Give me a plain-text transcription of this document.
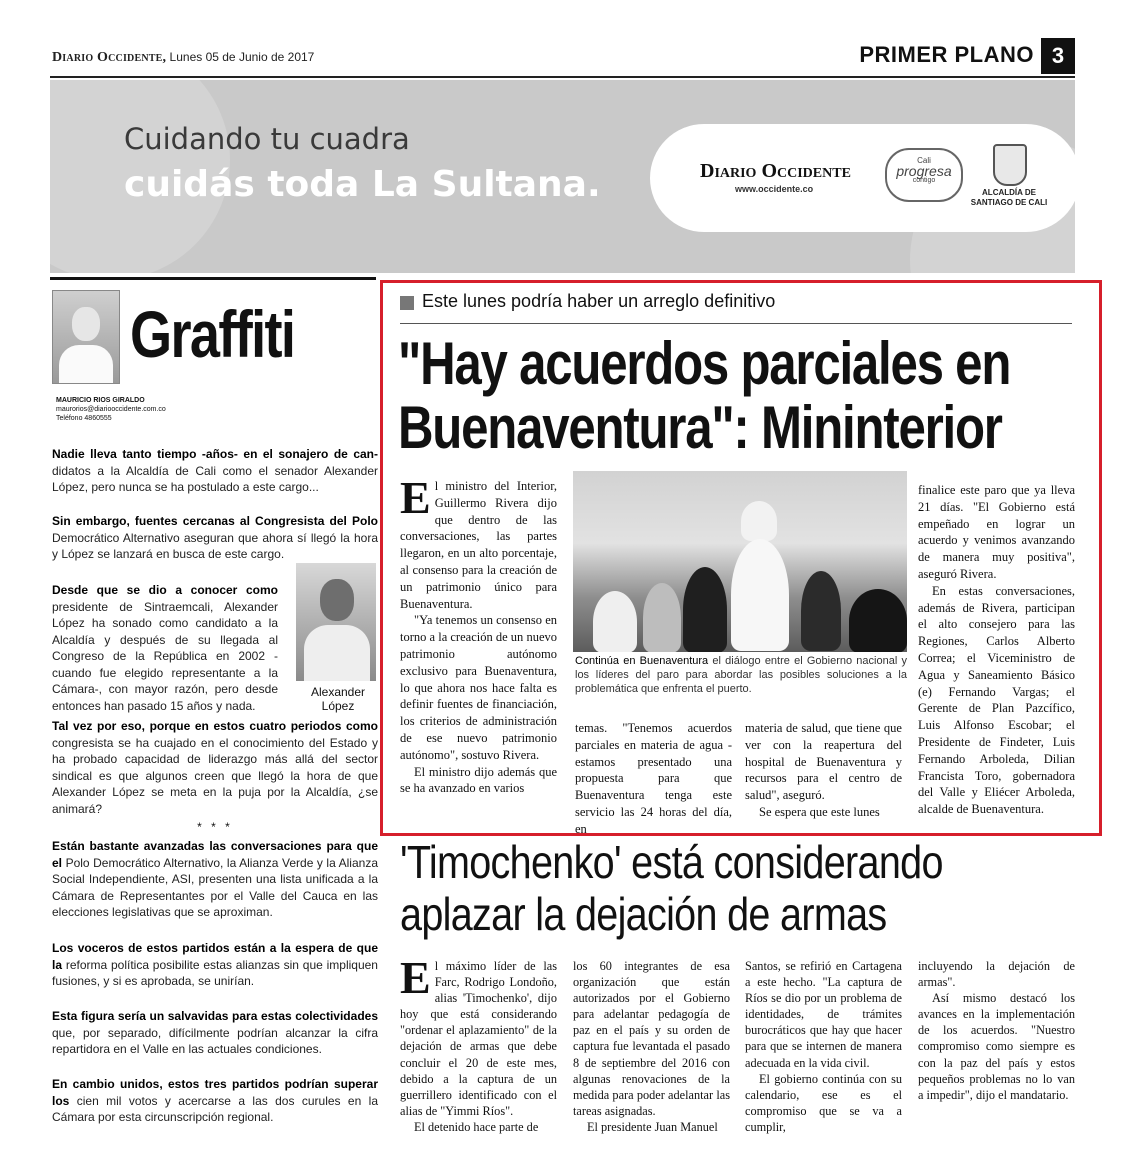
Diario Occidente, Lunes 05 de Junio de 2017	PRIMER PLANO 3
Cuidando tu cuadra
cuidás toda La Sultana.	Diario Occidente
www.occidente.co
Cali
progresa
contigo
ALCALDÍA DE SANTIAGO DE CALI
Graffiti
MAURICIO RIOS GIRALDO
maurorios@diariooccidente.com.co
Teléfono 4860555
Nadie lleva tanto tiempo -años- en el sonajero de can- didatos a la Alcaldía de Cali como el senador Alexander López, pero nunca se ha postulado a este cargo...
Sin embargo, fuentes cercanas al Congresista del Polo Democrático Alternativo aseguran que ahora sí llegó la hora y López se lanzará en busca de este cargo.
Desde que se dio a conocer como presidente de Sintraemcali, Alexander López ha sonado como candidato a la Alcaldía y después de su llegada al Congreso de la República en 2002 -cuando fue elegido representante a la Cámara-, con mayor razón, pero desde entonces han pasado 15 años y nada.
Alexander López
Tal vez por eso, porque en estos cuatro periodos como congresista se ha cuajado en el conocimiento del Estado y ha probado capacidad de liderazgo más allá del sector sindical es que algunos creen que llegó la hora de que Alexander López se meta en la puja por la Alcaldía, ¿se animará?
* * *
Están bastante avanzadas las conversaciones para que el Polo Democrático Alternativo, la Alianza Verde y la Alianza Social Independiente, ASI, presenten una lista unificada a la Cámara de Representantes por el Valle del Cauca en las elecciones legislativas que se aproximan.
Los voceros de estos partidos están a la espera de que la reforma política posibilite estas alianzas sin que impliquen fusiones, y si es aprobada, se unirían.
Esta figura sería un salvavidas para estas colectividades que, por separado, difícilmente podrían alcanzar la cifra repartidora en el Valle en las actuales condiciones.
En cambio unidos, estos tres partidos podrían superar los cien mil votos y acercarse a las dos curules en la Cámara por esta circunscripción regional.
Este lunes podría haber un arreglo definitivo
"Hay acuerdos parciales en
Buenaventura": Mininterior

El ministro del Interior, Guillermo Rivera dijo que dentro de las conversaciones, las partes llegaron, en un alto porcentaje, al consenso para la creación de un patrimonio único para Buenaventura.

"Ya tenemos un consenso en torno a la creación de un nuevo patrimonio autónomo exclusivo para Buenaventura, lo que ahora nos hace falta es definir fuentes de financiación, los criterios de administración de ese nuevo patrimonio autónomo", sostuvo Rivera.

El ministro dijo además que se ha avanzado en varios

Continúa en Buenaventura el diálogo entre el Gobierno nacional y los líderes del paro para abordar las posibles soluciones a la problemática que enfrenta el puerto.

temas. "Tenemos acuerdos parciales en materia de agua - estamos presentado una propuesta para que Buenaventura tenga este servicio las 24 horas del día, en

materia de salud, que tiene que ver con la reapertura del hospital de Buenaventura y recursos para el centro de salud", aseguró.

Se espera que este lunes

finalice este paro que ya lleva 21 días. "El Gobierno está empeñado en lograr un acuerdo y venimos avanzando de manera muy positiva", aseguró Rivera.

En estas conversaciones, además de Rivera, participan el alto consejero para las Regiones, Carlos Alberto Correa; el Viceministro de Agua y Saneamiento Básico (e) Fernando Vargas; el Gerente de Plan Pazcífico, Luis Alfonso Escobar; el Presidente de Findeter, Luis Fernando Arboleda, Dilian Francista Toro, gobernadora del Valle y Eliécer Arboleda, alcalde de Buenaventura.

'Timochenko' está considerando
aplazar la dejación de armas

El máximo líder de las Farc, Rodrigo Londoño, alias 'Timochenko', dijo hoy que está considerando "ordenar el aplazamiento" de la dejación de armas que debe concluir el 20 de este mes, debido a la captura de un guerrillero identificado con el alias de "Yimmi Ríos".

El detenido hace parte de

los 60 integrantes de esa organización que están autorizados por el Gobierno para adelantar pedagogía de paz en el país y su orden de captura fue levantada el pasado 8 de septiembre del 2016 con algunas renovaciones de la medida para poder adelantar las tareas asignadas.

El presidente Juan Manuel

Santos, se refirió en Cartagena a este hecho. "La captura de Ríos se dio por un problema de identidades, de trámites burocráticos que hay que hacer para que se internen de manera adecuada en la vida civil.

El gobierno continúa con su calendario, ese es el compromiso que se va a cumplir,

incluyendo la dejación de armas".

Así mismo destacó los avances en la implementación de los acuerdos. "Nuestro compromiso como siempre es con la paz del país y estos pequeños problemas no lo van a impedir", dijo el mandatario.
